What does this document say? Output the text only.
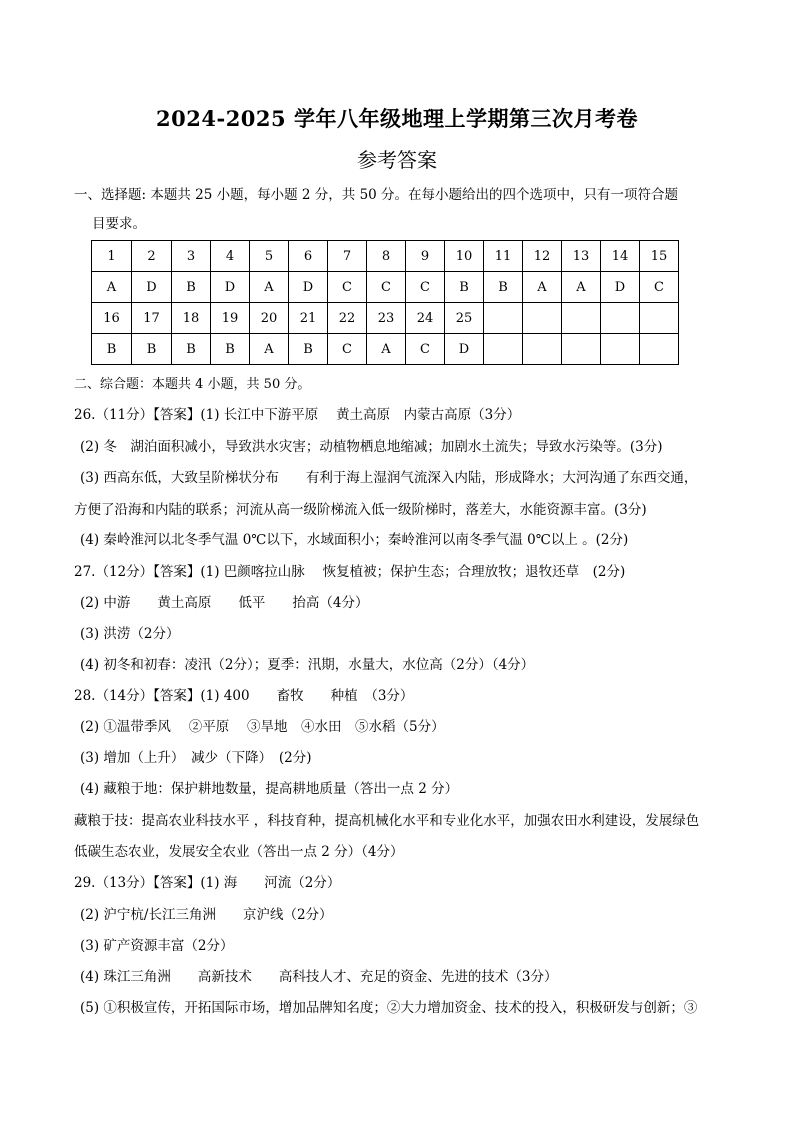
2024-2025 学年八年级地理上学期第三次月考卷
参考答案
一、选择题: 本题共 25 小题，每小题 2 分，共 50 分。在每小题给出的四个选项中，只有一项符合题
目要求。
1	2	3	4	5	6	7	8	9	10	11	12	13	14	15
A	D	B	D	A	D	C	C	C	B	B	A	A	D	C
16	17	18	19	20	21	22	23	24	25					
B	B	B	B	A	B	C	A	C	D					
二、综合题：本题共 4 小题，共 50 分。
26.（11分）【答案】(1) 长江中下游平原　 黄土高原　内蒙古高原（3分）
(2) 冬　湖泊面积减小，导致洪水灾害；动植物栖息地缩减；加剧水土流失；导致水污染等。(3分)
(3) 西高东低，大致呈阶梯状分布　　有利于海上湿润气流深入内陆，形成降水；大河沟通了东西交通，
方便了沿海和内陆的联系；河流从高一级阶梯流入低一级阶梯时，落差大，水能资源丰富。(3分)
(4) 秦岭淮河以北冬季气温 0℃以下，水域面积小；秦岭淮河以南冬季气温 0℃以上 。(2分)
27.（12分）【答案】(1) 巴颜喀拉山脉　 恢复植被；保护生态；合理放牧；退牧还草　(2分)
(2) 中游　　黄土高原　　低平　　抬高（4分）
(3) 洪涝（2分）
(4) 初冬和初春：凌汛（2分）；夏季：汛期，水量大，水位高（2分）（4分）
28.（14分）【答案】(1) 400　　畜牧　　种植　（3分）
(2) ①温带季风　 ②平原　 ③旱地　④水田　⑤水稻（5分）
(3) 增加（上升）　减少（下降）　(2分)
(4) 藏粮于地：保护耕地数量，提高耕地质量（答出一点 2 分）
藏粮于技：提高农业科技水平 ，科技育种，提高机械化水平和专业化水平，加强农田水利建设，发展绿色
低碳生态农业，发展安全农业（答出一点 2 分）（4分）
29.（13分）【答案】(1) 海　　河流（2分）
(2) 沪宁杭/长江三角洲　　京沪线（2分）
(3) 矿产资源丰富（2分）
(4) 珠江三角洲　　高新技术　　高科技人才、充足的资金、先进的技术（3分）
(5) ①积极宣传，开拓国际市场，增加品牌知名度；②大力增加资金、技术的投入，积极研发与创新；③
